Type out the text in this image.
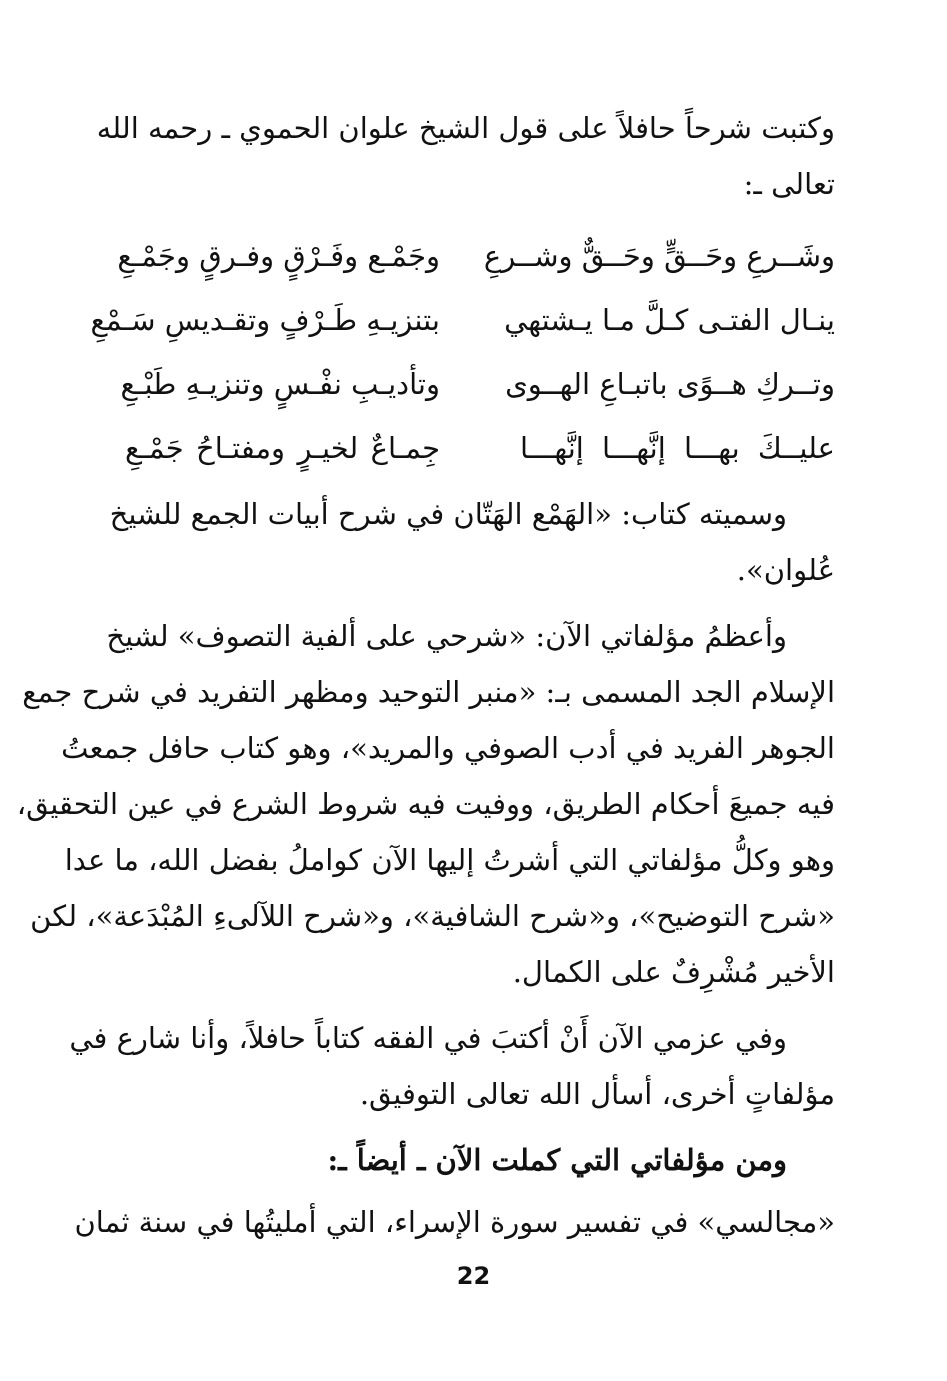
وكتبت شرحاً حافلاً على قول الشيخ علوان الحموي ـ رحمه الله
تعالى ـ:
وشَــرعِ وحَــقٍّ وحَــقٌّ وشــرعِ
وجَمْـع وفَـرْقٍ وفـرقٍ وجَمْـعِ
ينـال الفتـى كـلَّ مـا يـشتهي
بتنزيـهِ طَـرْفٍ وتقـديسِ سَـمْعِ
وتــركِ هــوًى باتبـاعِ الهــوى
وتأديـبِ نفْـسٍ وتنزيـهِ طَبْـعِ
عليــكَ بهـــا إنَّهـــا إنَّهـــا
جِمـاعٌ لخيـرٍ ومفتـاحُ جَمْـعِ
وسميته كتاب: «الهَمْع الهَتّان في شرح أبيات الجمع للشيخ
عُلوان».
وأعظمُ مؤلفاتي الآن: «شرحي على ألفية التصوف» لشيخ
الإسلام الجد المسمى بـ: «منبر التوحيد ومظهر التفريد في شرح جمع
الجوهر الفريد في أدب الصوفي والمريد»، وهو كتاب حافل جمعتُ
فيه جميعَ أحكام الطريق، ووفيت فيه شروط الشرع في عين التحقيق،
وهو وكلُّ مؤلفاتي التي أشرتُ إليها الآن كواملُ بفضل الله، ما عدا
«شرح التوضيح»، و«شرح الشافية»، و«شرح اللآلىءِ المُبْدَعة»، لكن
الأخير مُشْرِفٌ على الكمال.
وفي عزمي الآن أَنْ أكتبَ في الفقه كتاباً حافلاً، وأنا شارع في
مؤلفاتٍ أخرى، أسأل الله تعالى التوفيق.
ومن مؤلفاتي التي كملت الآن ـ أيضاً ـ:
«مجالسي» في تفسير سورة الإسراء، التي أمليتُها في سنة ثمان
22
